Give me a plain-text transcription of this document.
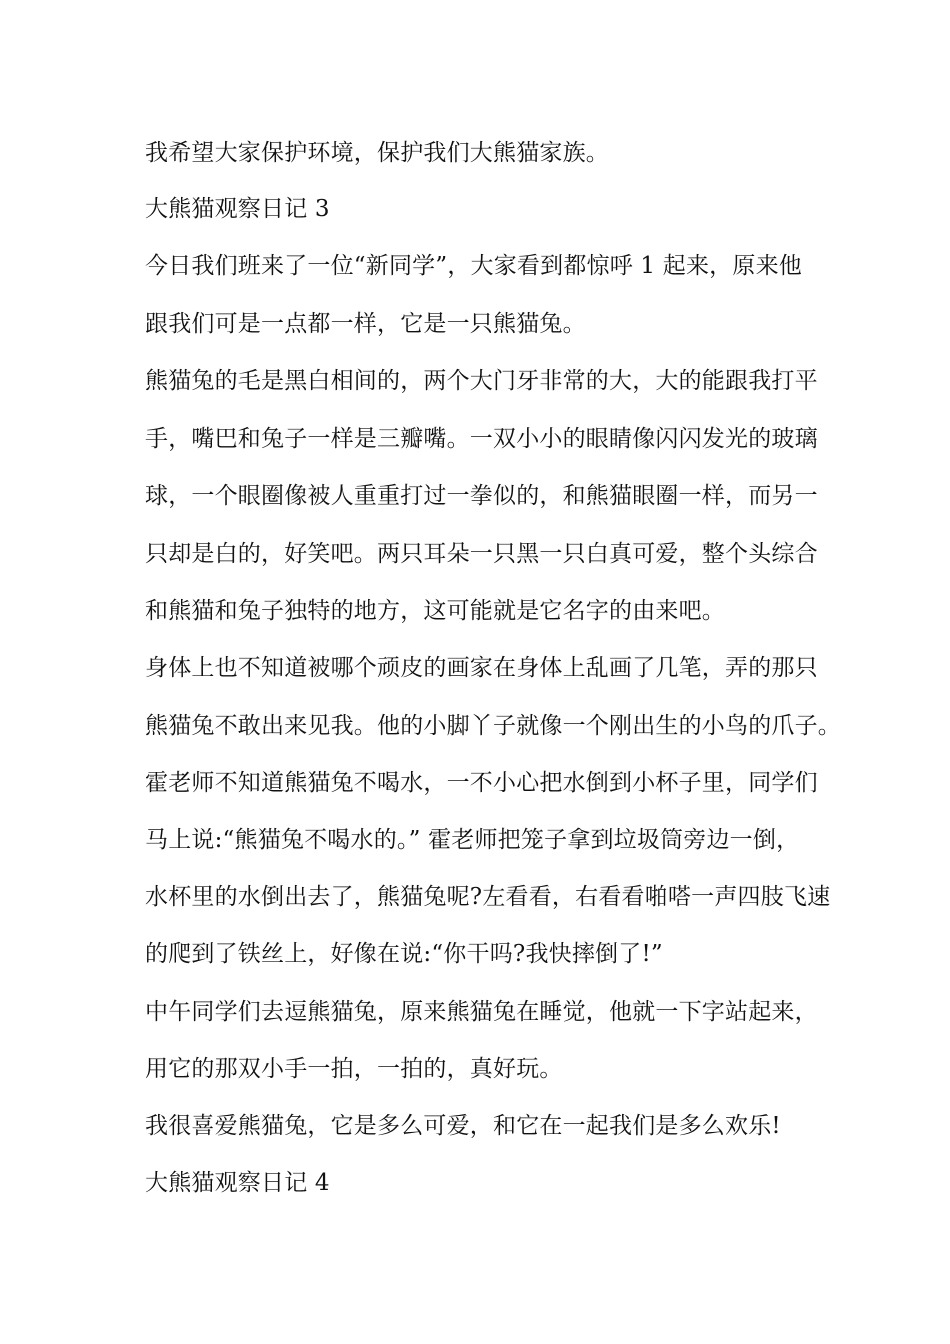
我希望大家保护环境，保护我们大熊猫家族。
大熊猫观察日记 3
今日我们班来了一位“新同学”，大家看到都惊呼 1 起来，原来他
跟我们可是一点都一样，它是一只熊猫兔。
熊猫兔的毛是黑白相间的，两个大门牙非常的大，大的能跟我打平
手，嘴巴和兔子一样是三瓣嘴。一双小小的眼睛像闪闪发光的玻璃
球，一个眼圈像被人重重打过一拳似的，和熊猫眼圈一样，而另一
只却是白的，好笑吧。两只耳朵一只黑一只白真可爱，整个头综合
和熊猫和兔子独特的地方，这可能就是它名字的由来吧。
身体上也不知道被哪个顽皮的画家在身体上乱画了几笔，弄的那只
熊猫兔不敢出来见我。他的小脚丫子就像一个刚出生的小鸟的爪子。
霍老师不知道熊猫兔不喝水，一不小心把水倒到小杯子里，同学们
马上说:“熊猫兔不喝水的。” 霍老师把笼子拿到垃圾筒旁边一倒，
水杯里的水倒出去了，熊猫兔呢?左看看，右看看啪嗒一声四肢飞速
的爬到了铁丝上，好像在说:“你干吗?我快摔倒了!”
中午同学们去逗熊猫兔，原来熊猫兔在睡觉，他就一下字站起来，
用它的那双小手一拍，一拍的，真好玩。
我很喜爱熊猫兔，它是多么可爱，和它在一起我们是多么欢乐!
大熊猫观察日记 4
